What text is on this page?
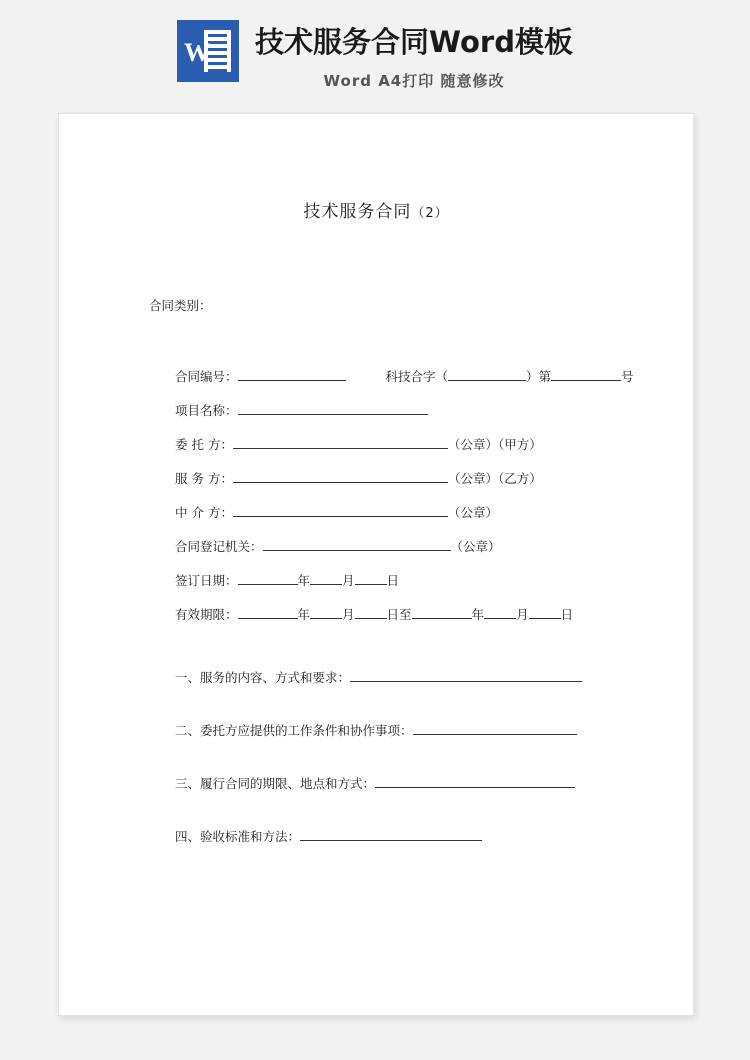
W 技术服务合同Word模板
Word A4打印 随意修改
技术服务合同（2）
合同类别：
合同编号：	科技合字（	）第	号
项目名称：
委 托 方：	（公章）（甲方）
服 务 方：	（公章）（乙方）
中 介 方：	（公章）
合同登记机关：	（公章）
签订日期：	年	月	日
有效期限：	年	月	日至	年	月	日
一、服务的内容、方式和要求：
二、委托方应提供的工作条件和协作事项：
三、履行合同的期限、地点和方式：
四、验收标准和方法：
